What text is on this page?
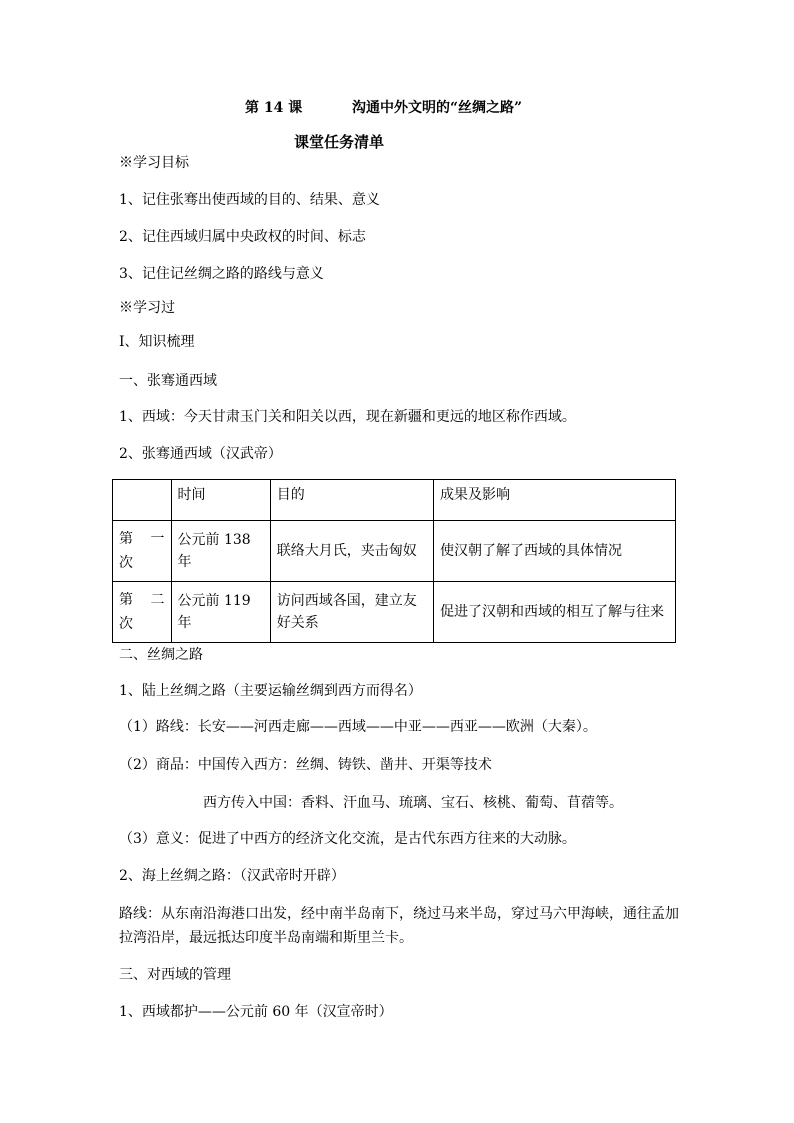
第 14 课	沟通中外文明的“丝绸之路”
课堂任务清单
※学习目标
1、记住张骞出使西域的目的、结果、意义
2、记住西域归属中央政权的时间、标志
3、记住记丝绸之路的路线与意义
※学习过
Ⅰ、知识梳理
一、张骞通西域
1、西域：今天甘肃玉门关和阳关以西，现在新疆和更远的地区称作西域。
2、张骞通西域（汉武帝）
	时间	目的	成果及影响

第 一
次	公元前 138 年	联络大月氏，夹击匈奴	使汉朝了解了西域的具体情况

第 二
次	公元前 119 年	访问西域各国，建立友好关系	促进了汉朝和西域的相互了解与往来
二、丝绸之路
1、陆上丝绸之路（主要运输丝绸到西方而得名）
（1）路线：长安——河西走廊——西域——中亚——西亚——欧洲（大秦）。
（2）商品：中国传入西方：丝绸、铸铁、凿井、开渠等技术
西方传入中国：香料、汗血马、琉璃、宝石、核桃、葡萄、苜蓿等。
（3）意义：促进了中西方的经济文化交流，是古代东西方往来的大动脉。
2、海上丝绸之路：（汉武帝时开辟）
路线：从东南沿海港口出发，经中南半岛南下，绕过马来半岛，穿过马六甲海峡，通往孟加拉湾沿岸，最远抵达印度半岛南端和斯里兰卡。
三、对西域的管理
1、西域都护——公元前 60 年（汉宣帝时）
